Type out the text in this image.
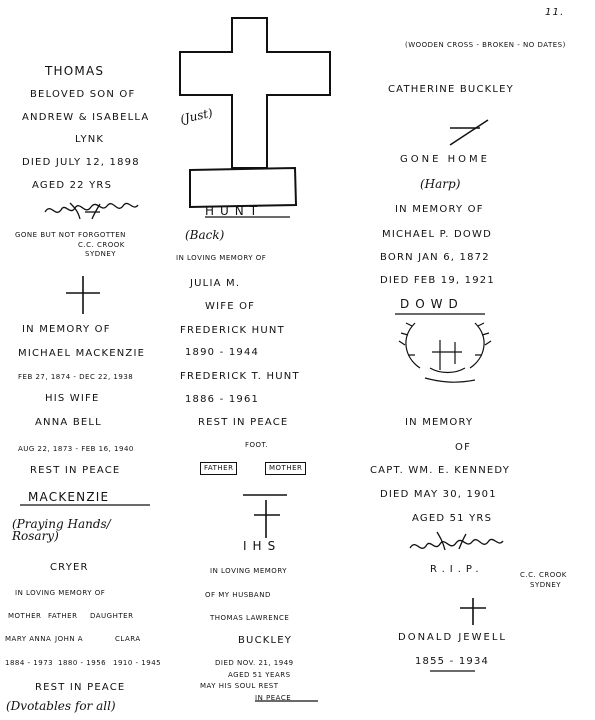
11.
THOMAS
BELOVED SON OF
ANDREW & ISABELLA
LYNK
DIED JULY 12, 1898
AGED 22 YRS
GONE BUT NOT FORGOTTEN
C.C. CROOK
SYDNEY
IN MEMORY OF
MICHAEL MACKENZIE
FEB 27, 1874 - DEC 22, 1938
HIS WIFE
ANNA BELL
AUG 22, 1873 - FEB 16, 1940
REST IN PEACE
MACKENZIE
(Praying Hands/ Rosary)
CRYER
IN LOVING MEMORY OF
MOTHER FATHER DAUGHTER
MARY ANNA JOHN A	CLARA
1884 - 1973 1880 - 1956 1910 - 1945
REST IN PEACE
(Dvotables for all)
(Just)
HUNT
(Back)
IN LOVING MEMORY OF
JULIA M.
WIFE OF
FREDERICK HUNT
1890 - 1944
FREDERICK T. HUNT
1886 - 1961
REST IN PEACE
FOOT.
FATHER	MOTHER
IHS
IN LOVING MEMORY
OF MY HUSBAND
THOMAS LAWRENCE
BUCKLEY
DIED NOV. 21, 1949
AGED 51 YEARS
MAY HIS SOUL REST
IN PEACE
(WOODEN CROSS - BROKEN - NO DATES)
CATHERINE BUCKLEY
GONE HOME
(Harp)
IN MEMORY OF
MICHAEL P. DOWD
BORN JAN 6, 1872
DIED FEB 19, 1921
DOWD
IN MEMORY
OF
CAPT. WM. E. KENNEDY
DIED MAY 30, 1901
AGED 51 YRS
R.I.P.	C.C. CROOK
SYDNEY
DONALD JEWELL
1855 - 1934
